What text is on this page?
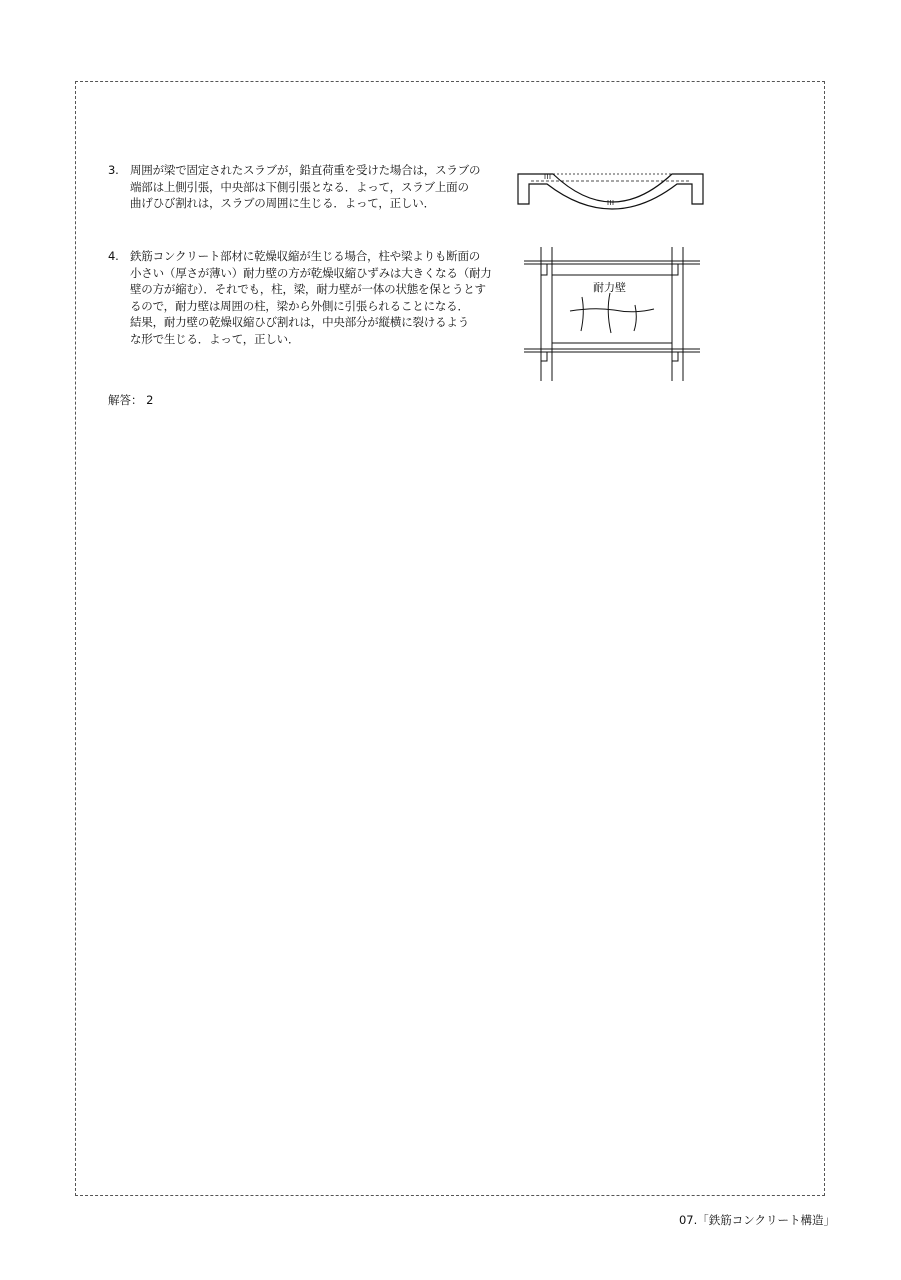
3. 周囲が梁で固定されたスラブが，鉛直荷重を受けた場合は，スラブの
端部は上側引張，中央部は下側引張となる．よって，スラブ上面の
曲げひび割れは，スラブの周囲に生じる．よって，正しい．
4. 鉄筋コンクリート部材に乾燥収縮が生じる場合，柱や梁よりも断面の
小さい（厚さが薄い）耐力壁の方が乾燥収縮ひずみは大きくなる（耐力
壁の方が縮む）．それでも，柱，梁，耐力壁が一体の状態を保とうとす
るので，耐力壁は周囲の柱，梁から外側に引張られることになる．
結果，耐力壁の乾燥収縮ひび割れは，中央部分が縦横に裂けるよう
な形で生じる．よって，正しい．
耐力壁
解答： 2
07.「鉄筋コンクリート構造」
